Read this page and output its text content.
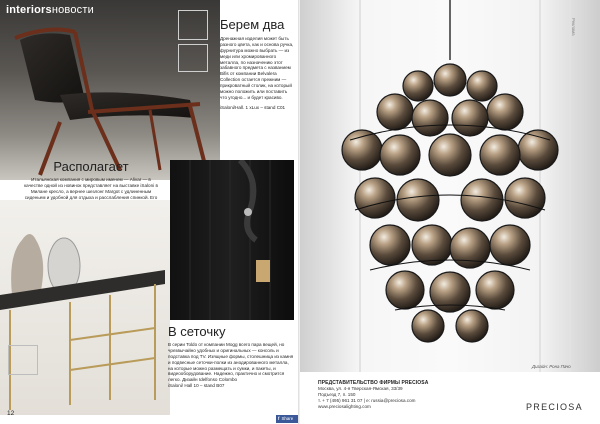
interiorsновости
Берем два

Дренажная изделия может быть разного цвета, как и основа ручка, фурнитура можно выбрать — из меди или хромированного металла, по назначению этот забавного предмета с названием Bifis от компании Belvalera Collection остается прежним — прикроватный столик, на который можно положить или поставить что угодно... и будет красиво.

iSaloni/Hall. 1 xLux – stand C01

Располагает

Итальянская компания с мировым именем — Alivar — в качестве одной из новинок представляет на выставке iSaloni в Милане кресло, а вернее шезлонг Margot с удлиненным сиденьем и удобной для отдыха и расслабления спинкой. Его

В сеточку

В серии Toldo от компании Mogg всего пара вещей, но чрезвычайно удобных и оригинальных — консоль и подставка под TV. Изящные формы, столешница из камня и подвесные сеточки-полки из анодированного металла, на которые можно размещать и сумки, и пакеты, и видеооборудование. Надежно, практично и смотрится легко. Дизайн Idelfonso Colombo

iSaloni/ Hall 10 – stand B07

12
f Share
Реклама
Дизайн: Рона Пачо
ПРЕДСТАВИТЕЛЬСТВО ФИРМЫ PRECIOSA
Москва, ул. 4-я Тверская-Ямская, 33/39
Подъезд 7, п. 150
т. + 7 (495) 961 31 07 | e: russia@preciosa.com
www.preciosalighting.com	PRECIOSA
